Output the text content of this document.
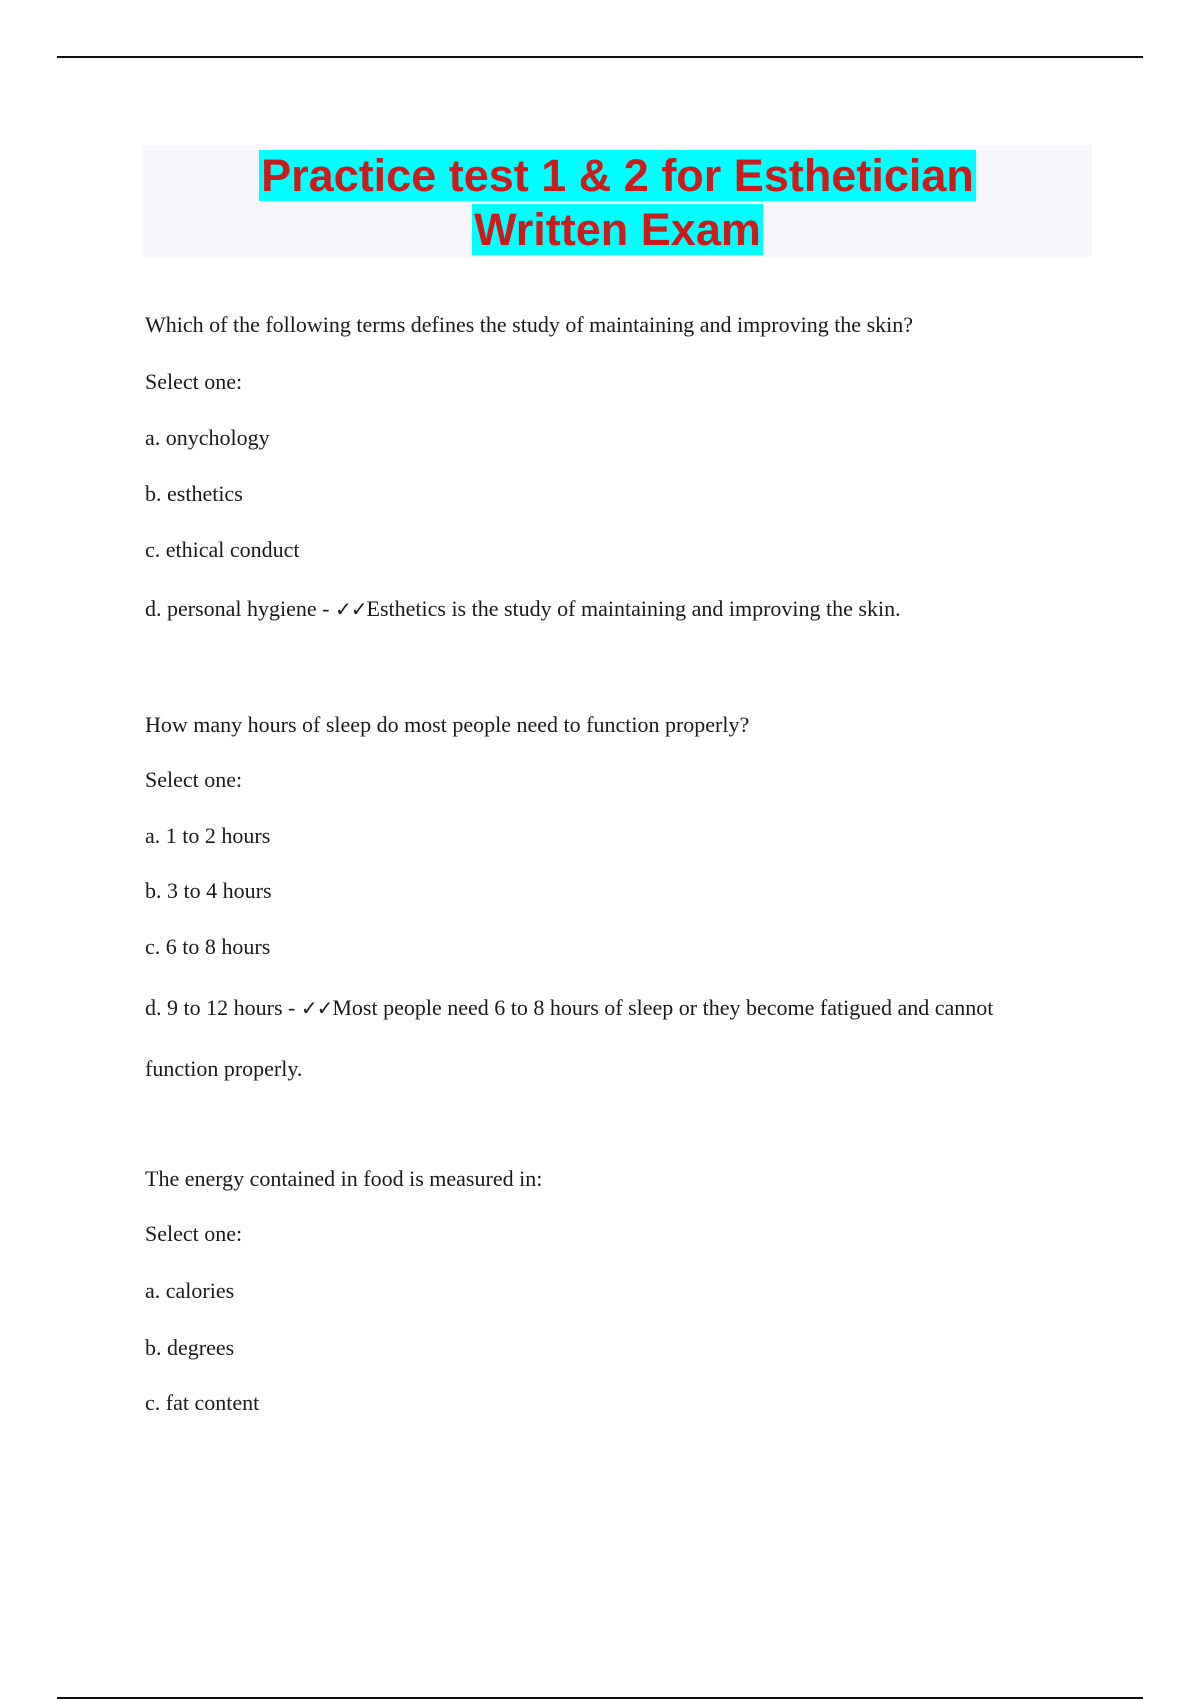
Practice test 1 & 2 for Esthetician
Written Exam

Which of the following terms defines the study of maintaining and improving the skin?

Select one:

a. onychology

b. esthetics

c. ethical conduct

d. personal hygiene - ✓✓Esthetics is the study of maintaining and improving the skin.

How many hours of sleep do most people need to function properly?

Select one:

a. 1 to 2 hours

b. 3 to 4 hours

c. 6 to 8 hours

d. 9 to 12 hours - ✓✓Most people need 6 to 8 hours of sleep or they become fatigued and cannot

function properly.

The energy contained in food is measured in:

Select one:

a. calories

b. degrees

c. fat content
